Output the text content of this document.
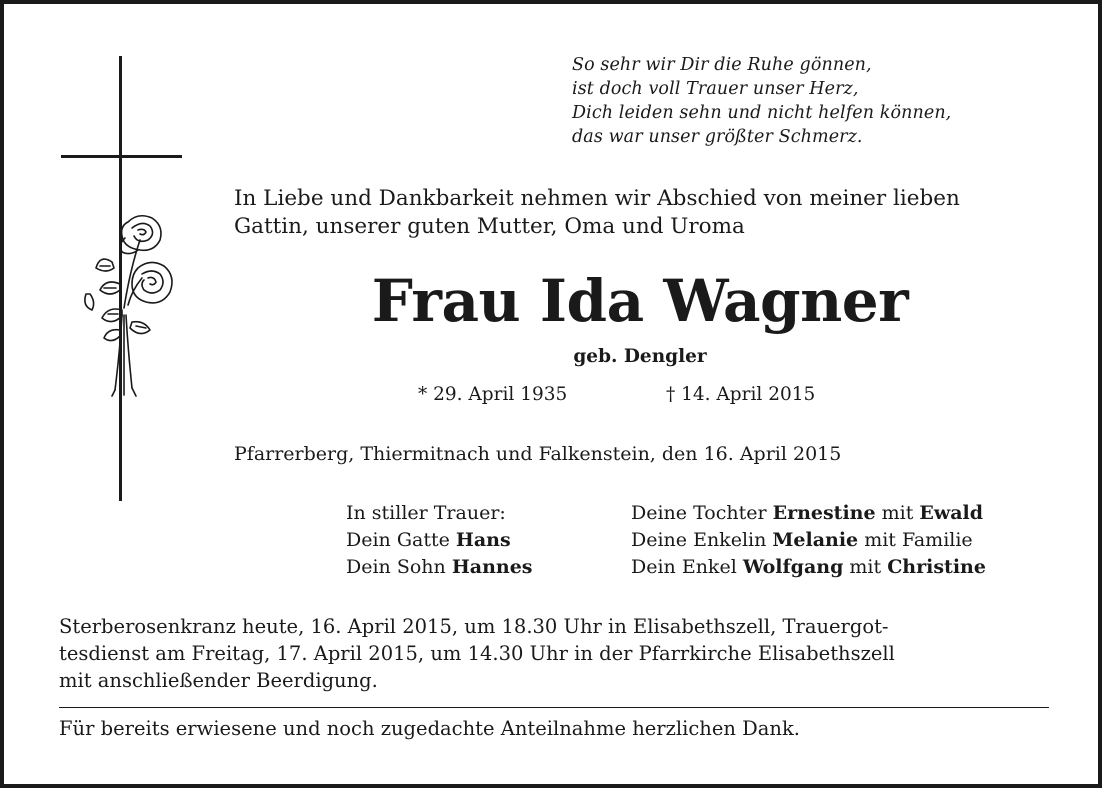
So sehr wir Dir die Ruhe gönnen,
ist doch voll Trauer unser Herz,
Dich leiden sehn und nicht helfen können,
das war unser größter Schmerz.
In Liebe und Dankbarkeit nehmen wir Abschied von meiner lieben
Gattin, unserer guten Mutter, Oma und Uroma
Frau Ida Wagner
geb. Dengler
* 29. April 1935	† 14. April 2015
Pfarrerberg, Thiermitnach und Falkenstein, den 16. April 2015
In stiller Trauer:
Dein Gatte Hans
Dein Sohn Hannes
Deine Tochter Ernestine mit Ewald
Deine Enkelin Melanie mit Familie
Dein Enkel Wolfgang mit Christine
Sterberosenkranz heute, 16. April 2015, um 18.30 Uhr in Elisabethszell, Trauergot-
tesdienst am Freitag, 17. April 2015, um 14.30 Uhr in der Pfarrkirche Elisabethszell
mit anschließender Beerdigung.
Für bereits erwiesene und noch zugedachte Anteilnahme herzlichen Dank.
